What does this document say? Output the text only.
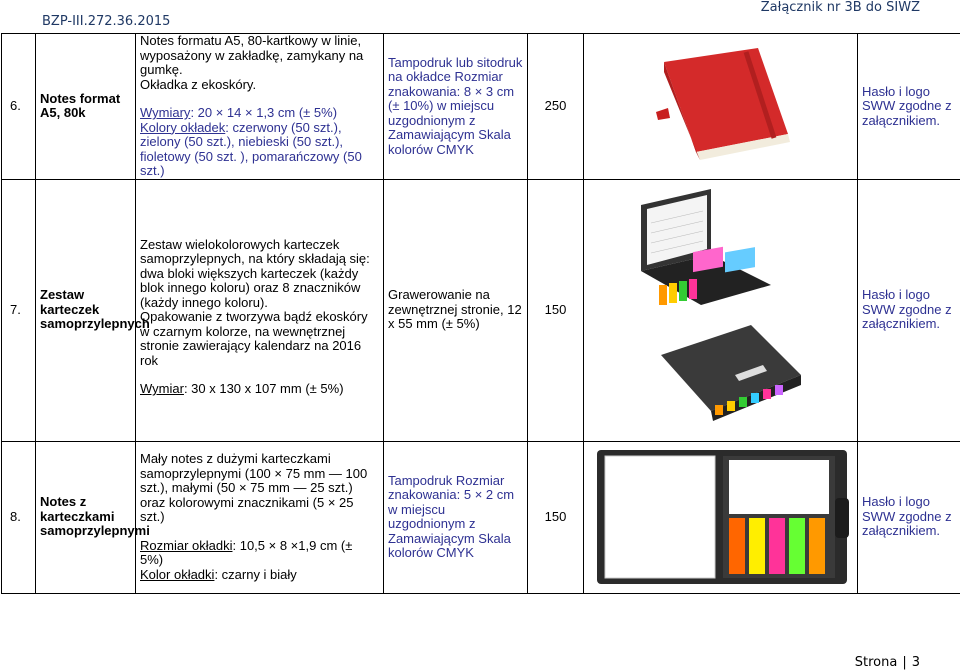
BZP-III.272.36.2015
Załącznik nr 3B do SIWZ
6.	Notes format A5, 80k	Notes formatu A5, 80-kartkowy w linie, wyposażony w zakładkę, zamykany na gumkę.
Okładka z ekoskóry.
Wymiary: 20 × 14 × 1,3 cm (± 5%)
Kolory okładek: czerwony (50 szt.), zielony (50 szt.), niebieski (50 szt.), fioletowy (50 szt. ), pomarańczowy (50 szt.)	Tampodruk lub sitodruk na okładce Rozmiar znakowania: 8 × 3 cm (± 10%) w miejscu uzgodnionym z Zamawiającym Skala kolorów CMYK	250		Hasło i logo SWW zgodne z załącznikiem.
7.	Zestaw karteczek samoprzylepnych	Zestaw wielokolorowych karteczek samoprzylepnych, na który składają się: dwa bloki większych karteczek (każdy blok innego koloru) oraz 8 znaczników (każdy innego koloru).
Opakowanie z tworzywa bądź ekoskóry w czarnym kolorze, na wewnętrznej stronie zawierający kalendarz na 2016 rok
Wymiar: 30 x 130 x 107 mm (± 5%)	Grawerowanie na zewnętrznej stronie, 12 x 55 mm (± 5%)	150		Hasło i logo SWW zgodne z załącznikiem.
8.	Notes z karteczkami samoprzylepnymi	Mały notes z dużymi karteczkami samoprzylepnymi (100 × 75 mm — 100 szt.), małymi (50 × 75 mm — 25 szt.) oraz kolorowymi znacznikami (5 × 25 szt.)
Rozmiar okładki: 10,5 × 8 ×1,9 cm (± 5%)
Kolor okładki: czarny i biały	Tampodruk Rozmiar znakowania: 5 × 2 cm w miejscu uzgodnionym z Zamawiającym Skala kolorów CMYK	150		Hasło i logo SWW zgodne z załącznikiem.
Strona | 3
